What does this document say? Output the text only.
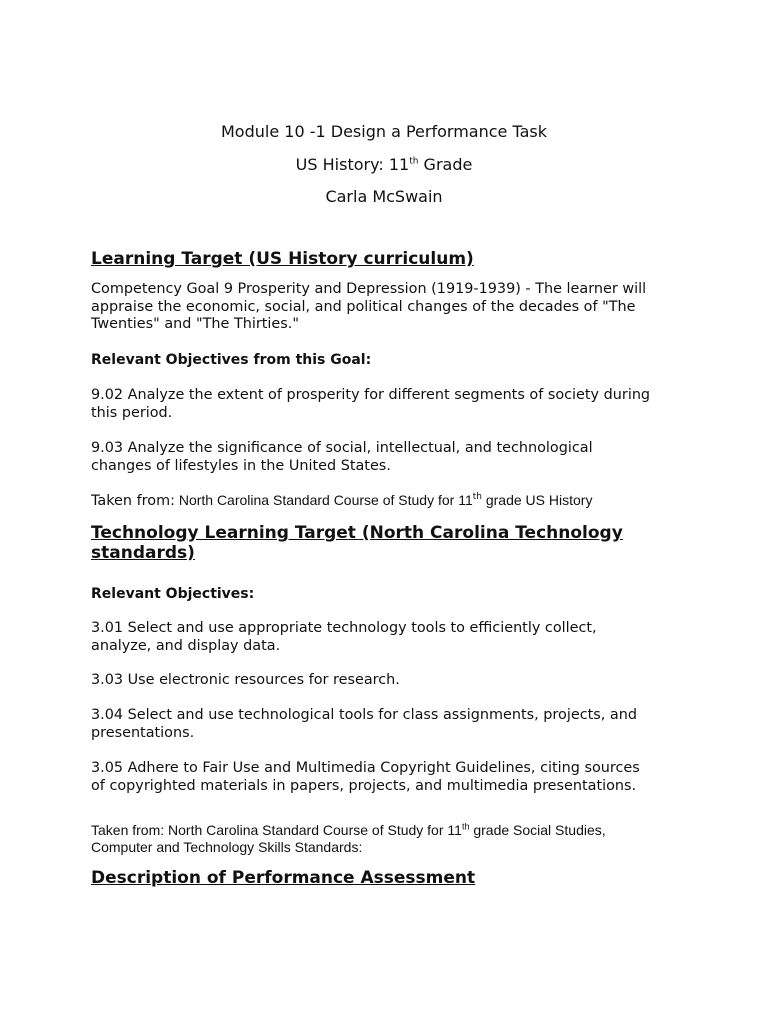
Module 10 -1 Design a Performance Task
US History: 11th Grade
Carla McSwain
Learning Target (US History curriculum)
Competency Goal 9 Prosperity and Depression (1919-1939) - The learner will
appraise the economic, social, and political changes of the decades of "The
Twenties" and "The Thirties."
Relevant Objectives from this Goal:
9.02 Analyze the extent of prosperity for different segments of society during
this period.
9.03 Analyze the significance of social, intellectual, and technological
changes of lifestyles in the United States.
Taken from: North Carolina Standard Course of Study for 11th grade US History
Technology Learning Target (North Carolina Technology
standards)
Relevant Objectives:
3.01 Select and use appropriate technology tools to efficiently collect,
analyze, and display data.
3.03 Use electronic resources for research.
3.04 Select and use technological tools for class assignments, projects, and
presentations.
3.05 Adhere to Fair Use and Multimedia Copyright Guidelines, citing sources
of copyrighted materials in papers, projects, and multimedia presentations.
Taken from: North Carolina Standard Course of Study for 11th grade Social Studies,
Computer and Technology Skills Standards:
Description of Performance Assessment
